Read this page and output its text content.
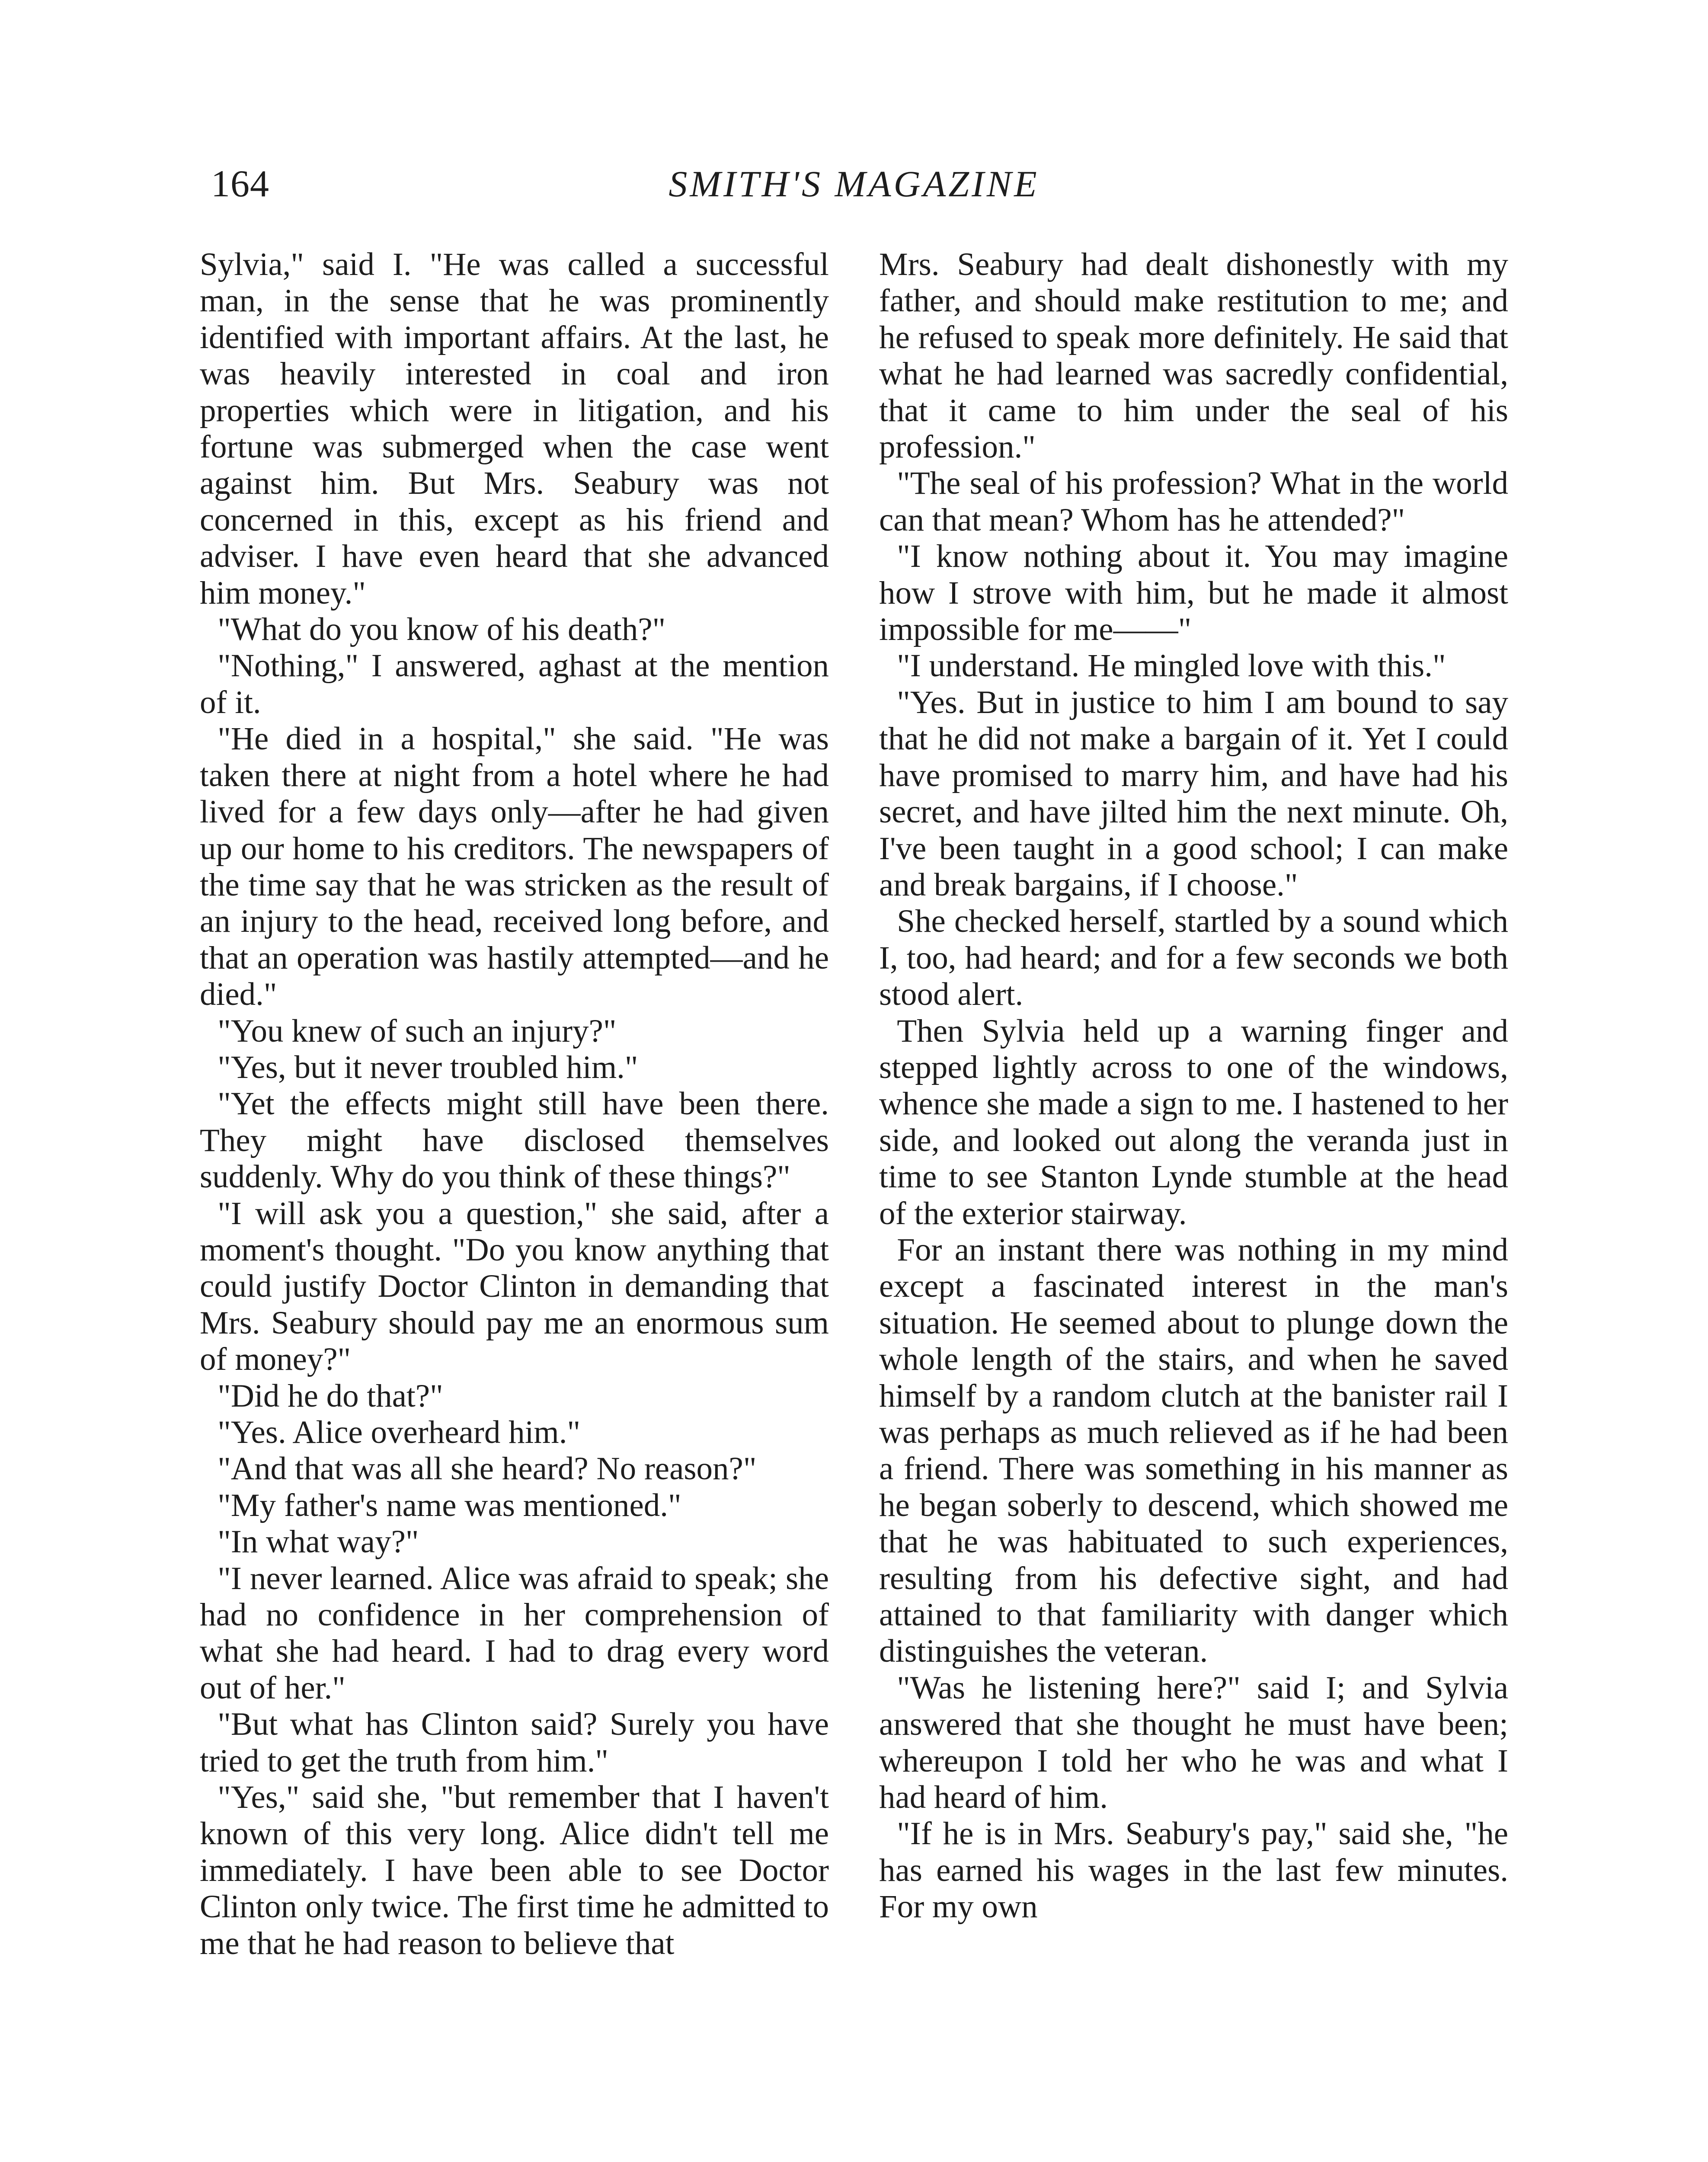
164	SMITH'S MAGAZINE

Sylvia," said I. "He was called a successful man, in the sense that he was prominently identified with important affairs. At the last, he was heavily interested in coal and iron properties which were in litigation, and his fortune was submerged when the case went against him. But Mrs. Seabury was not concerned in this, except as his friend and adviser. I have even heard that she advanced him money."

"What do you know of his death?"

"Nothing," I answered, aghast at the mention of it.

"He died in a hospital," she said. "He was taken there at night from a hotel where he had lived for a few days only—after he had given up our home to his creditors. The newspapers of the time say that he was stricken as the result of an injury to the head, received long before, and that an operation was hastily attempted—and he died."

"You knew of such an injury?"

"Yes, but it never troubled him."

"Yet the effects might still have been there. They might have disclosed themselves suddenly. Why do you think of these things?"

"I will ask you a question," she said, after a moment's thought. "Do you know anything that could justify Doctor Clinton in demanding that Mrs. Seabury should pay me an enormous sum of money?"

"Did he do that?"

"Yes. Alice overheard him."

"And that was all she heard? No reason?"

"My father's name was mentioned."

"In what way?"

"I never learned. Alice was afraid to speak; she had no confidence in her comprehension of what she had heard. I had to drag every word out of her."

"But what has Clinton said? Surely you have tried to get the truth from him."

"Yes," said she, "but remember that I haven't known of this very long. Alice didn't tell me immediately. I have been able to see Doctor Clinton only twice. The first time he admitted to me that he had reason to believe that

Mrs. Seabury had dealt dishonestly with my father, and should make restitution to me; and he refused to speak more definitely. He said that what he had learned was sacredly confidential, that it came to him under the seal of his profession."

"The seal of his profession? What in the world can that mean? Whom has he attended?"

"I know nothing about it. You may imagine how I strove with him, but he made it almost impossible for me——"

"I understand. He mingled love with this."

"Yes. But in justice to him I am bound to say that he did not make a bargain of it. Yet I could have promised to marry him, and have had his secret, and have jilted him the next minute. Oh, I've been taught in a good school; I can make and break bargains, if I choose."

She checked herself, startled by a sound which I, too, had heard; and for a few seconds we both stood alert.

Then Sylvia held up a warning finger and stepped lightly across to one of the windows, whence she made a sign to me. I hastened to her side, and looked out along the veranda just in time to see Stanton Lynde stumble at the head of the exterior stairway.

For an instant there was nothing in my mind except a fascinated interest in the man's situation. He seemed about to plunge down the whole length of the stairs, and when he saved himself by a random clutch at the banister rail I was perhaps as much relieved as if he had been a friend. There was something in his manner as he began soberly to descend, which showed me that he was habituated to such experiences, resulting from his defective sight, and had attained to that familiarity with danger which distinguishes the veteran.

"Was he listening here?" said I; and Sylvia answered that she thought he must have been; whereupon I told her who he was and what I had heard of him.

"If he is in Mrs. Seabury's pay," said she, "he has earned his wages in the last few minutes. For my own
